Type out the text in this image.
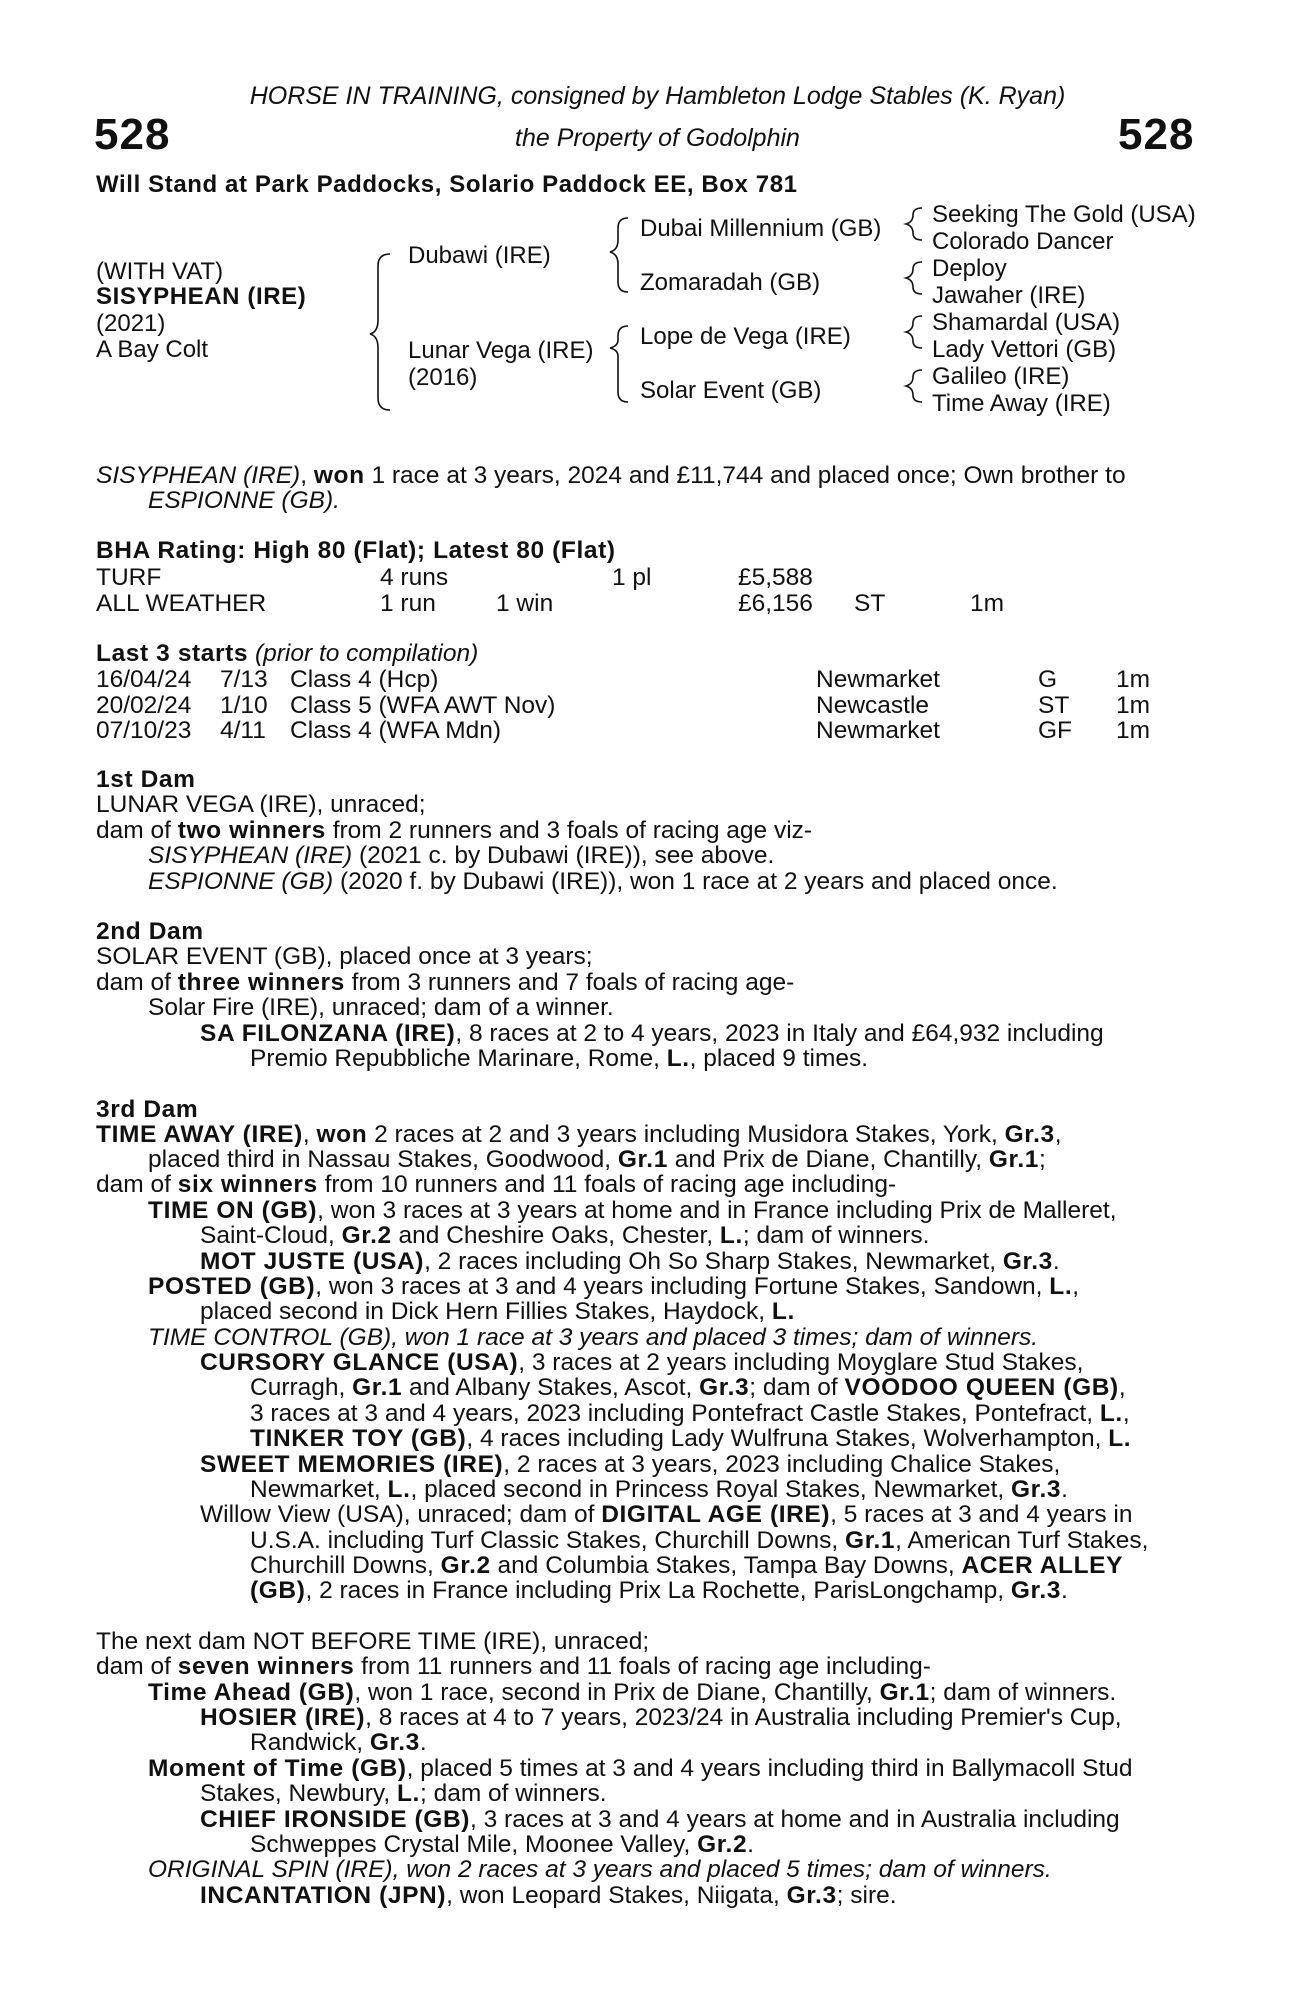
HORSE IN TRAINING, consigned by Hambleton Lodge Stables (K. Ryan)
the Property of Godolphin
528	528
Will Stand at Park Paddocks, Solario Paddock EE, Box 781
(WITH VAT)
SISYPHEAN (IRE)
(2021)
A Bay Colt
Dubawi (IRE)
Lunar Vega (IRE)
(2016)
Dubai Millennium (GB)
Zomaradah (GB)
Lope de Vega (IRE)
Solar Event (GB)
Seeking The Gold (USA)
Colorado Dancer
Deploy
Jawaher (IRE)
Shamardal (USA)
Lady Vettori (GB)
Galileo (IRE)
Time Away (IRE)
SISYPHEAN (IRE), won 1 race at 3 years, 2024 and £11,744 and placed once; Own brother to
ESPIONNE (GB).
BHA Rating: High 80 (Flat); Latest 80 (Flat)
TURF	4 runs	1 pl	£5,588
ALL WEATHER	1 run 1 win	£6,156 ST	1m
Last 3 starts (prior to compilation)
16/04/24 7/13 Class 4 (Hcp)	Newmarket	G 1m
20/02/24 1/10 Class 5 (WFA AWT Nov)	Newcastle	ST 1m
07/10/23 4/11 Class 4 (WFA Mdn)	Newmarket	GF 1m
1st Dam
LUNAR VEGA (IRE), unraced;
dam of two winners from 2 runners and 3 foals of racing age viz-
SISYPHEAN (IRE) (2021 c. by Dubawi (IRE)), see above.
ESPIONNE (GB) (2020 f. by Dubawi (IRE)), won 1 race at 2 years and placed once.
2nd Dam
SOLAR EVENT (GB), placed once at 3 years;
dam of three winners from 3 runners and 7 foals of racing age-
Solar Fire (IRE), unraced; dam of a winner.
SA FILONZANA (IRE), 8 races at 2 to 4 years, 2023 in Italy and £64,932 including
Premio Repubbliche Marinare, Rome, L., placed 9 times.
3rd Dam
TIME AWAY (IRE), won 2 races at 2 and 3 years including Musidora Stakes, York, Gr.3,
placed third in Nassau Stakes, Goodwood, Gr.1 and Prix de Diane, Chantilly, Gr.1;
dam of six winners from 10 runners and 11 foals of racing age including-
TIME ON (GB), won 3 races at 3 years at home and in France including Prix de Malleret,
Saint-Cloud, Gr.2 and Cheshire Oaks, Chester, L.; dam of winners.
MOT JUSTE (USA), 2 races including Oh So Sharp Stakes, Newmarket, Gr.3.
POSTED (GB), won 3 races at 3 and 4 years including Fortune Stakes, Sandown, L.,
placed second in Dick Hern Fillies Stakes, Haydock, L.
TIME CONTROL (GB), won 1 race at 3 years and placed 3 times; dam of winners.
CURSORY GLANCE (USA), 3 races at 2 years including Moyglare Stud Stakes,
Curragh, Gr.1 and Albany Stakes, Ascot, Gr.3; dam of VOODOO QUEEN (GB),
3 races at 3 and 4 years, 2023 including Pontefract Castle Stakes, Pontefract, L.,
TINKER TOY (GB), 4 races including Lady Wulfruna Stakes, Wolverhampton, L.
SWEET MEMORIES (IRE), 2 races at 3 years, 2023 including Chalice Stakes,
Newmarket, L., placed second in Princess Royal Stakes, Newmarket, Gr.3.
Willow View (USA), unraced; dam of DIGITAL AGE (IRE), 5 races at 3 and 4 years in
U.S.A. including Turf Classic Stakes, Churchill Downs, Gr.1, American Turf Stakes,
Churchill Downs, Gr.2 and Columbia Stakes, Tampa Bay Downs, ACER ALLEY
(GB), 2 races in France including Prix La Rochette, ParisLongchamp, Gr.3.
The next dam NOT BEFORE TIME (IRE), unraced;
dam of seven winners from 11 runners and 11 foals of racing age including-
Time Ahead (GB), won 1 race, second in Prix de Diane, Chantilly, Gr.1; dam of winners.
HOSIER (IRE), 8 races at 4 to 7 years, 2023/24 in Australia including Premier's Cup,
Randwick, Gr.3.
Moment of Time (GB), placed 5 times at 3 and 4 years including third in Ballymacoll Stud
Stakes, Newbury, L.; dam of winners.
CHIEF IRONSIDE (GB), 3 races at 3 and 4 years at home and in Australia including
Schweppes Crystal Mile, Moonee Valley, Gr.2.
ORIGINAL SPIN (IRE), won 2 races at 3 years and placed 5 times; dam of winners.
INCANTATION (JPN), won Leopard Stakes, Niigata, Gr.3; sire.
